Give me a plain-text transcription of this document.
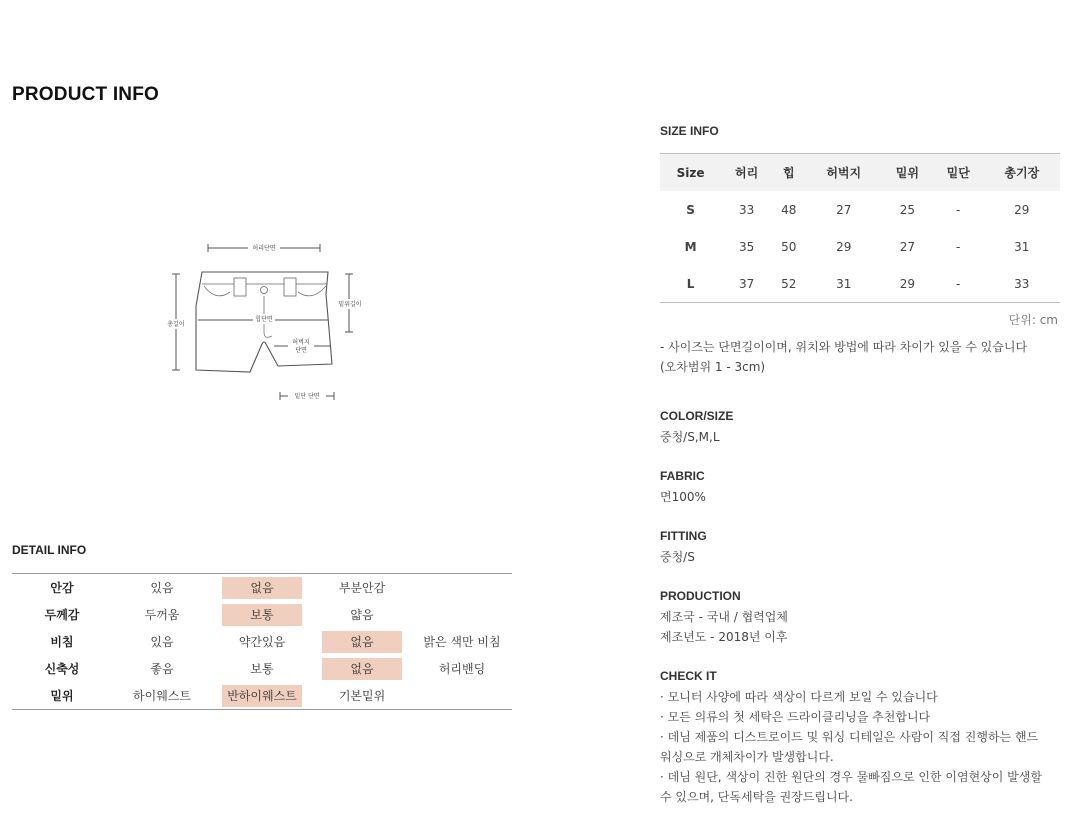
PRODUCT INFO
허리단면
총길이
밑위길이
힙단면
허벅지
단면
밑단 단면
DETAIL INFO
안감	있음	없음	부분안감	
두께감	두꺼움	보통	얇음	
비침	있음	약간있음	없음	밝은 색만 비침
신축성	좋음	보통	없음	허리밴딩
밑위	하이웨스트	반하이웨스트	기본밑위	
SIZE INFO
Size	허리	힙	허벅지	밑위	밑단	총기장
S	33	48	27	25	-	29
M	35	50	29	27	-	31
L	37	52	31	29	-	33
단위: cm
- 사이즈는 단면길이이며, 위치와 방법에 따라 차이가 있을 수 있습니다
(오차범위 1 - 3cm)
COLOR/SIZE
중청/S,M,L
FABRIC
면100%
FITTING
중청/S
PRODUCTION
제조국 - 국내 / 협력업체
제조년도 - 2018년 이후
CHECK IT
· 모니터 사양에 따라 색상이 다르게 보일 수 있습니다
· 모든 의류의 첫 세탁은 드라이클리닝을 추천합니다
· 데님 제품의 디스트로이드 및 워싱 디테일은 사람이 직접 진행하는 핸드
워싱으로 개체차이가 발생합니다.
· 데님 원단, 색상이 진한 원단의 경우 물빠짐으로 인한 이염현상이 발생할
수 있으며, 단독세탁을 권장드립니다.
